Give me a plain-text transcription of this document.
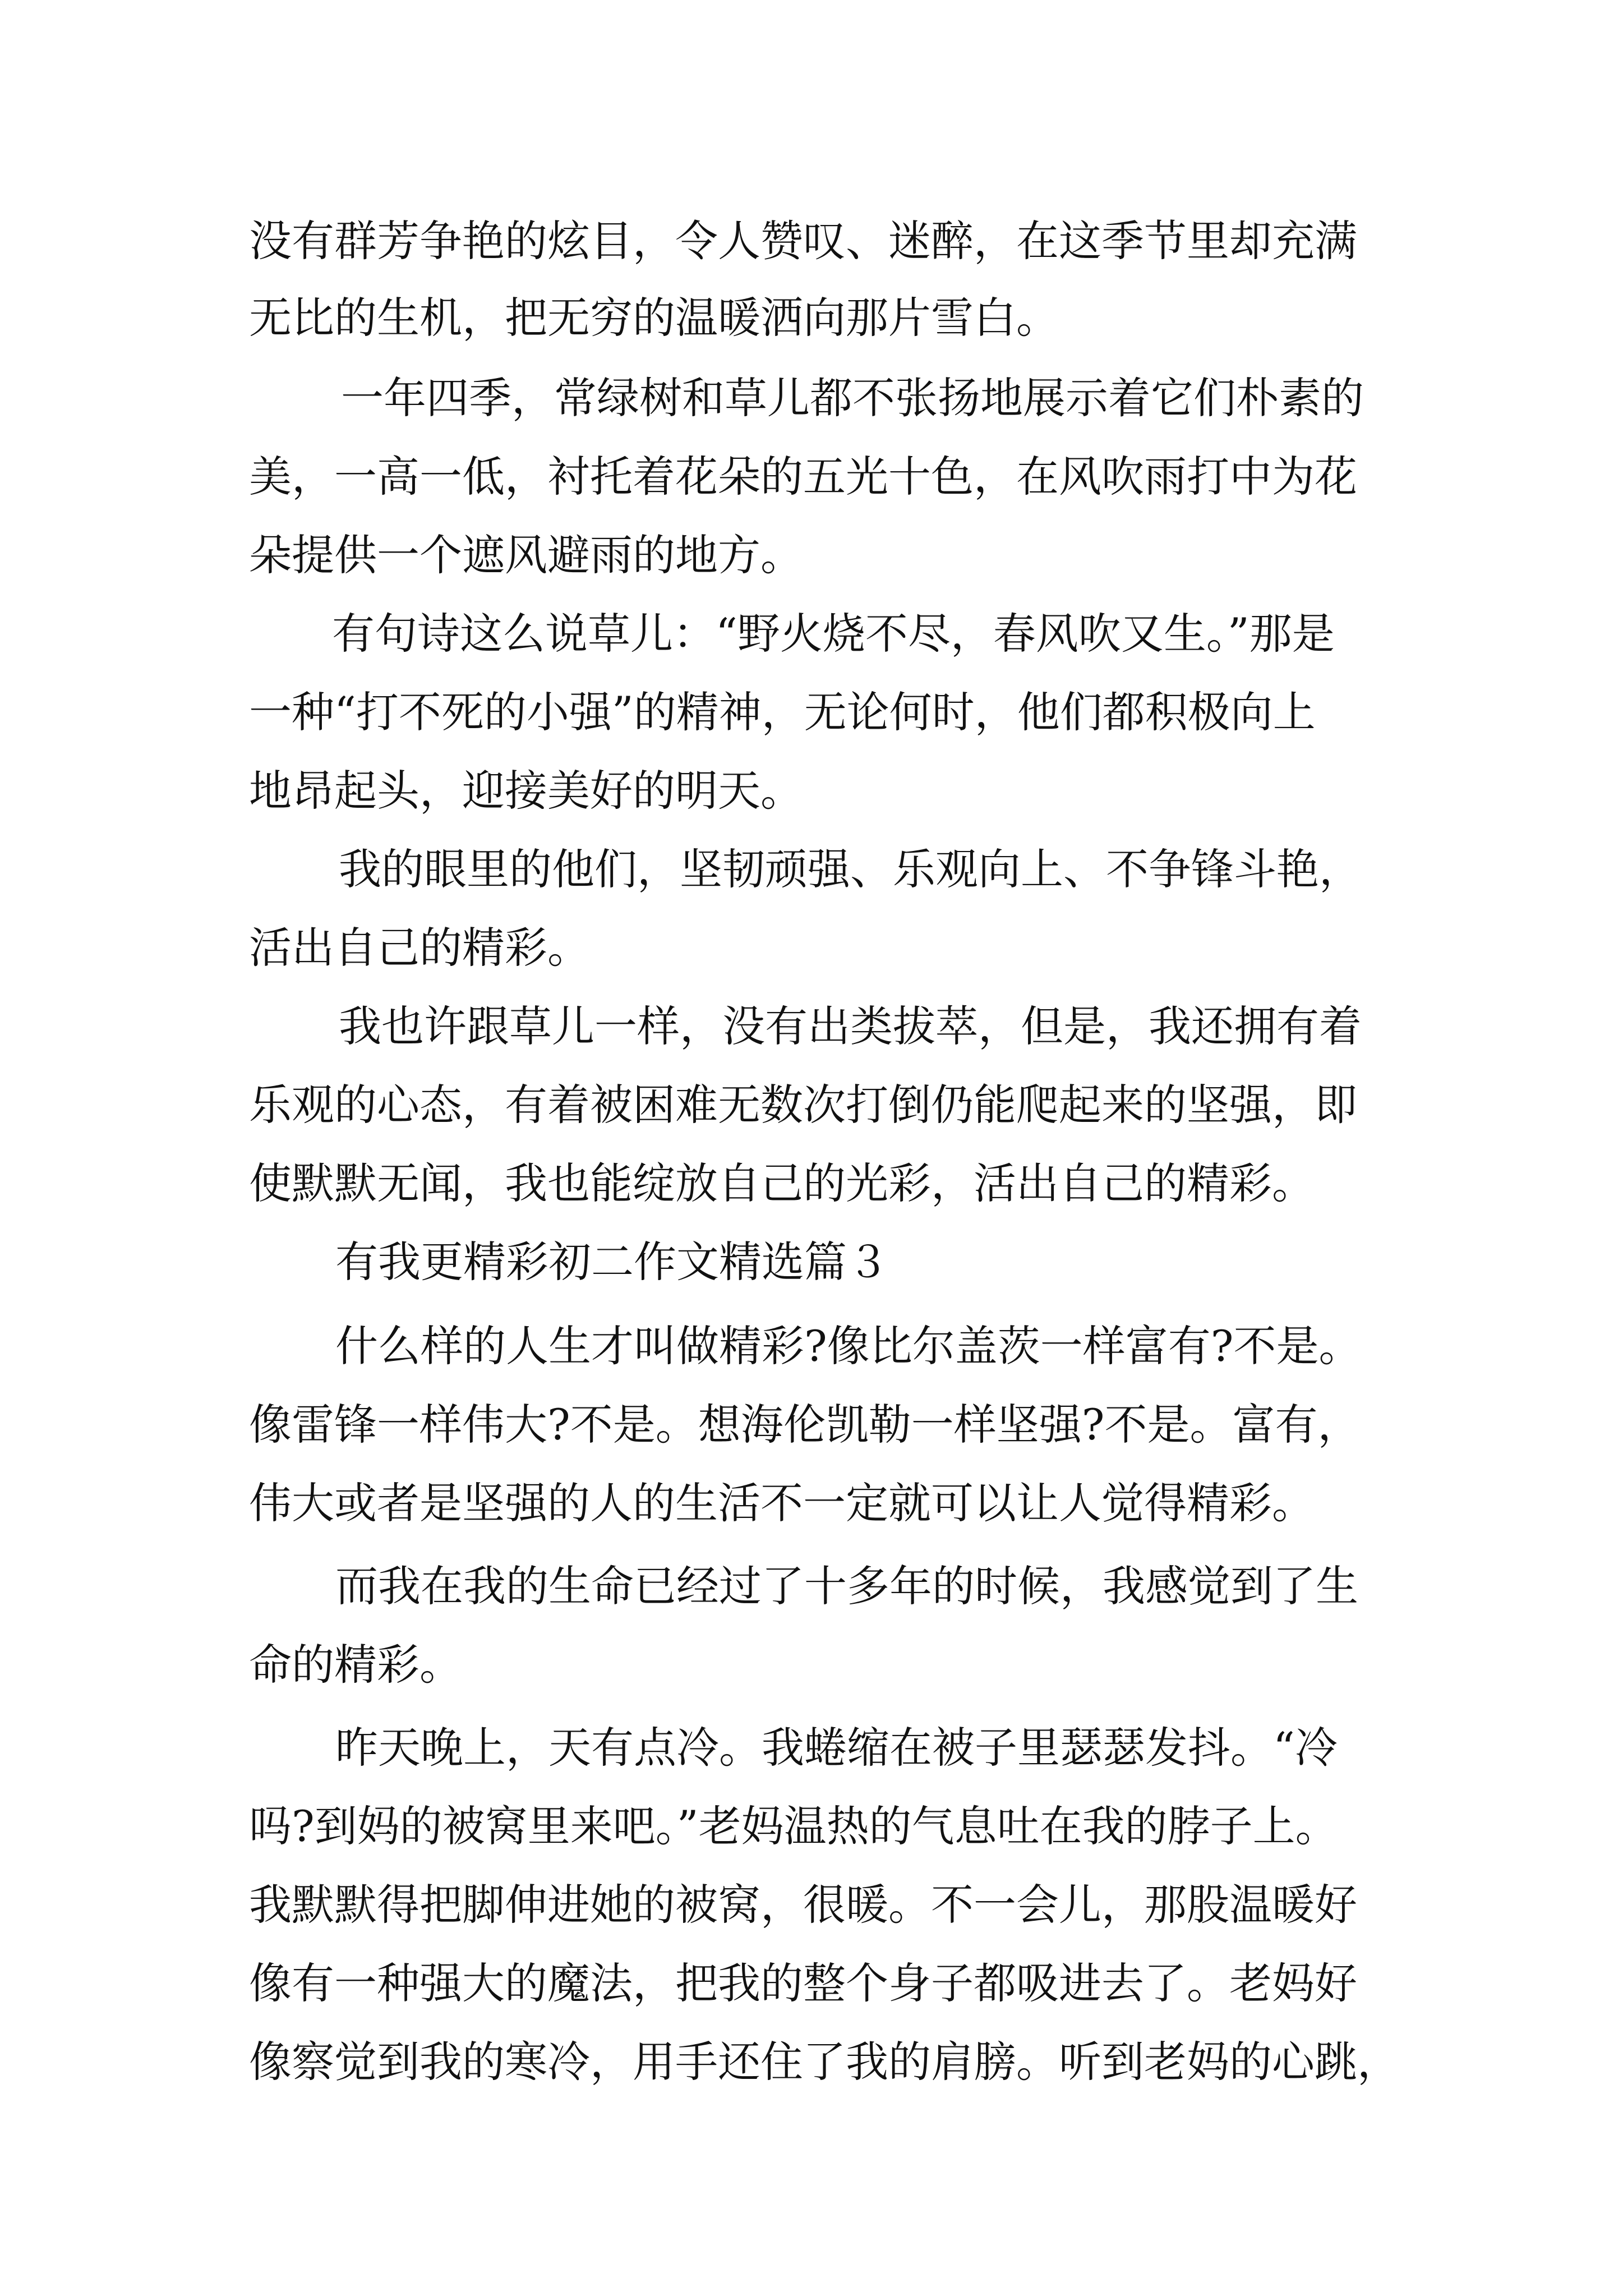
没有群芳争艳的炫目，令人赞叹、迷醉，在这季节里却充满
无比的生机，把无穷的温暖洒向那片雪白。
一年四季，常绿树和草儿都不张扬地展示着它们朴素的
美，一高一低，衬托着花朵的五光十色，在风吹雨打中为花
朵提供一个遮风避雨的地方。
有句诗这么说草儿：“野火烧不尽，春风吹又生。”那是
一种“打不死的小强”的精神，无论何时，他们都积极向上
地昂起头，迎接美好的明天。
我的眼里的他们，坚韧顽强、乐观向上、不争锋斗艳，
活出自己的精彩。
我也许跟草儿一样，没有出类拔萃，但是，我还拥有着
乐观的心态，有着被困难无数次打倒仍能爬起来的坚强，即
使默默无闻，我也能绽放自己的光彩，活出自己的精彩。
有我更精彩初二作文精选篇３
什么样的人生才叫做精彩?像比尔盖茨一样富有?不是。
像雷锋一样伟大?不是。想海伦凯勒一样坚强?不是。富有，
伟大或者是坚强的人的生活不一定就可以让人觉得精彩。
而我在我的生命已经过了十多年的时候，我感觉到了生
命的精彩。
昨天晚上，天有点冷。我蜷缩在被子里瑟瑟发抖。“冷
吗?到妈的被窝里来吧。”老妈温热的气息吐在我的脖子上。
我默默得把脚伸进她的被窝，很暖。不一会儿，那股温暖好
像有一种强大的魔法，把我的整个身子都吸进去了。老妈好
像察觉到我的寒冷，用手还住了我的肩膀。听到老妈的心跳，
